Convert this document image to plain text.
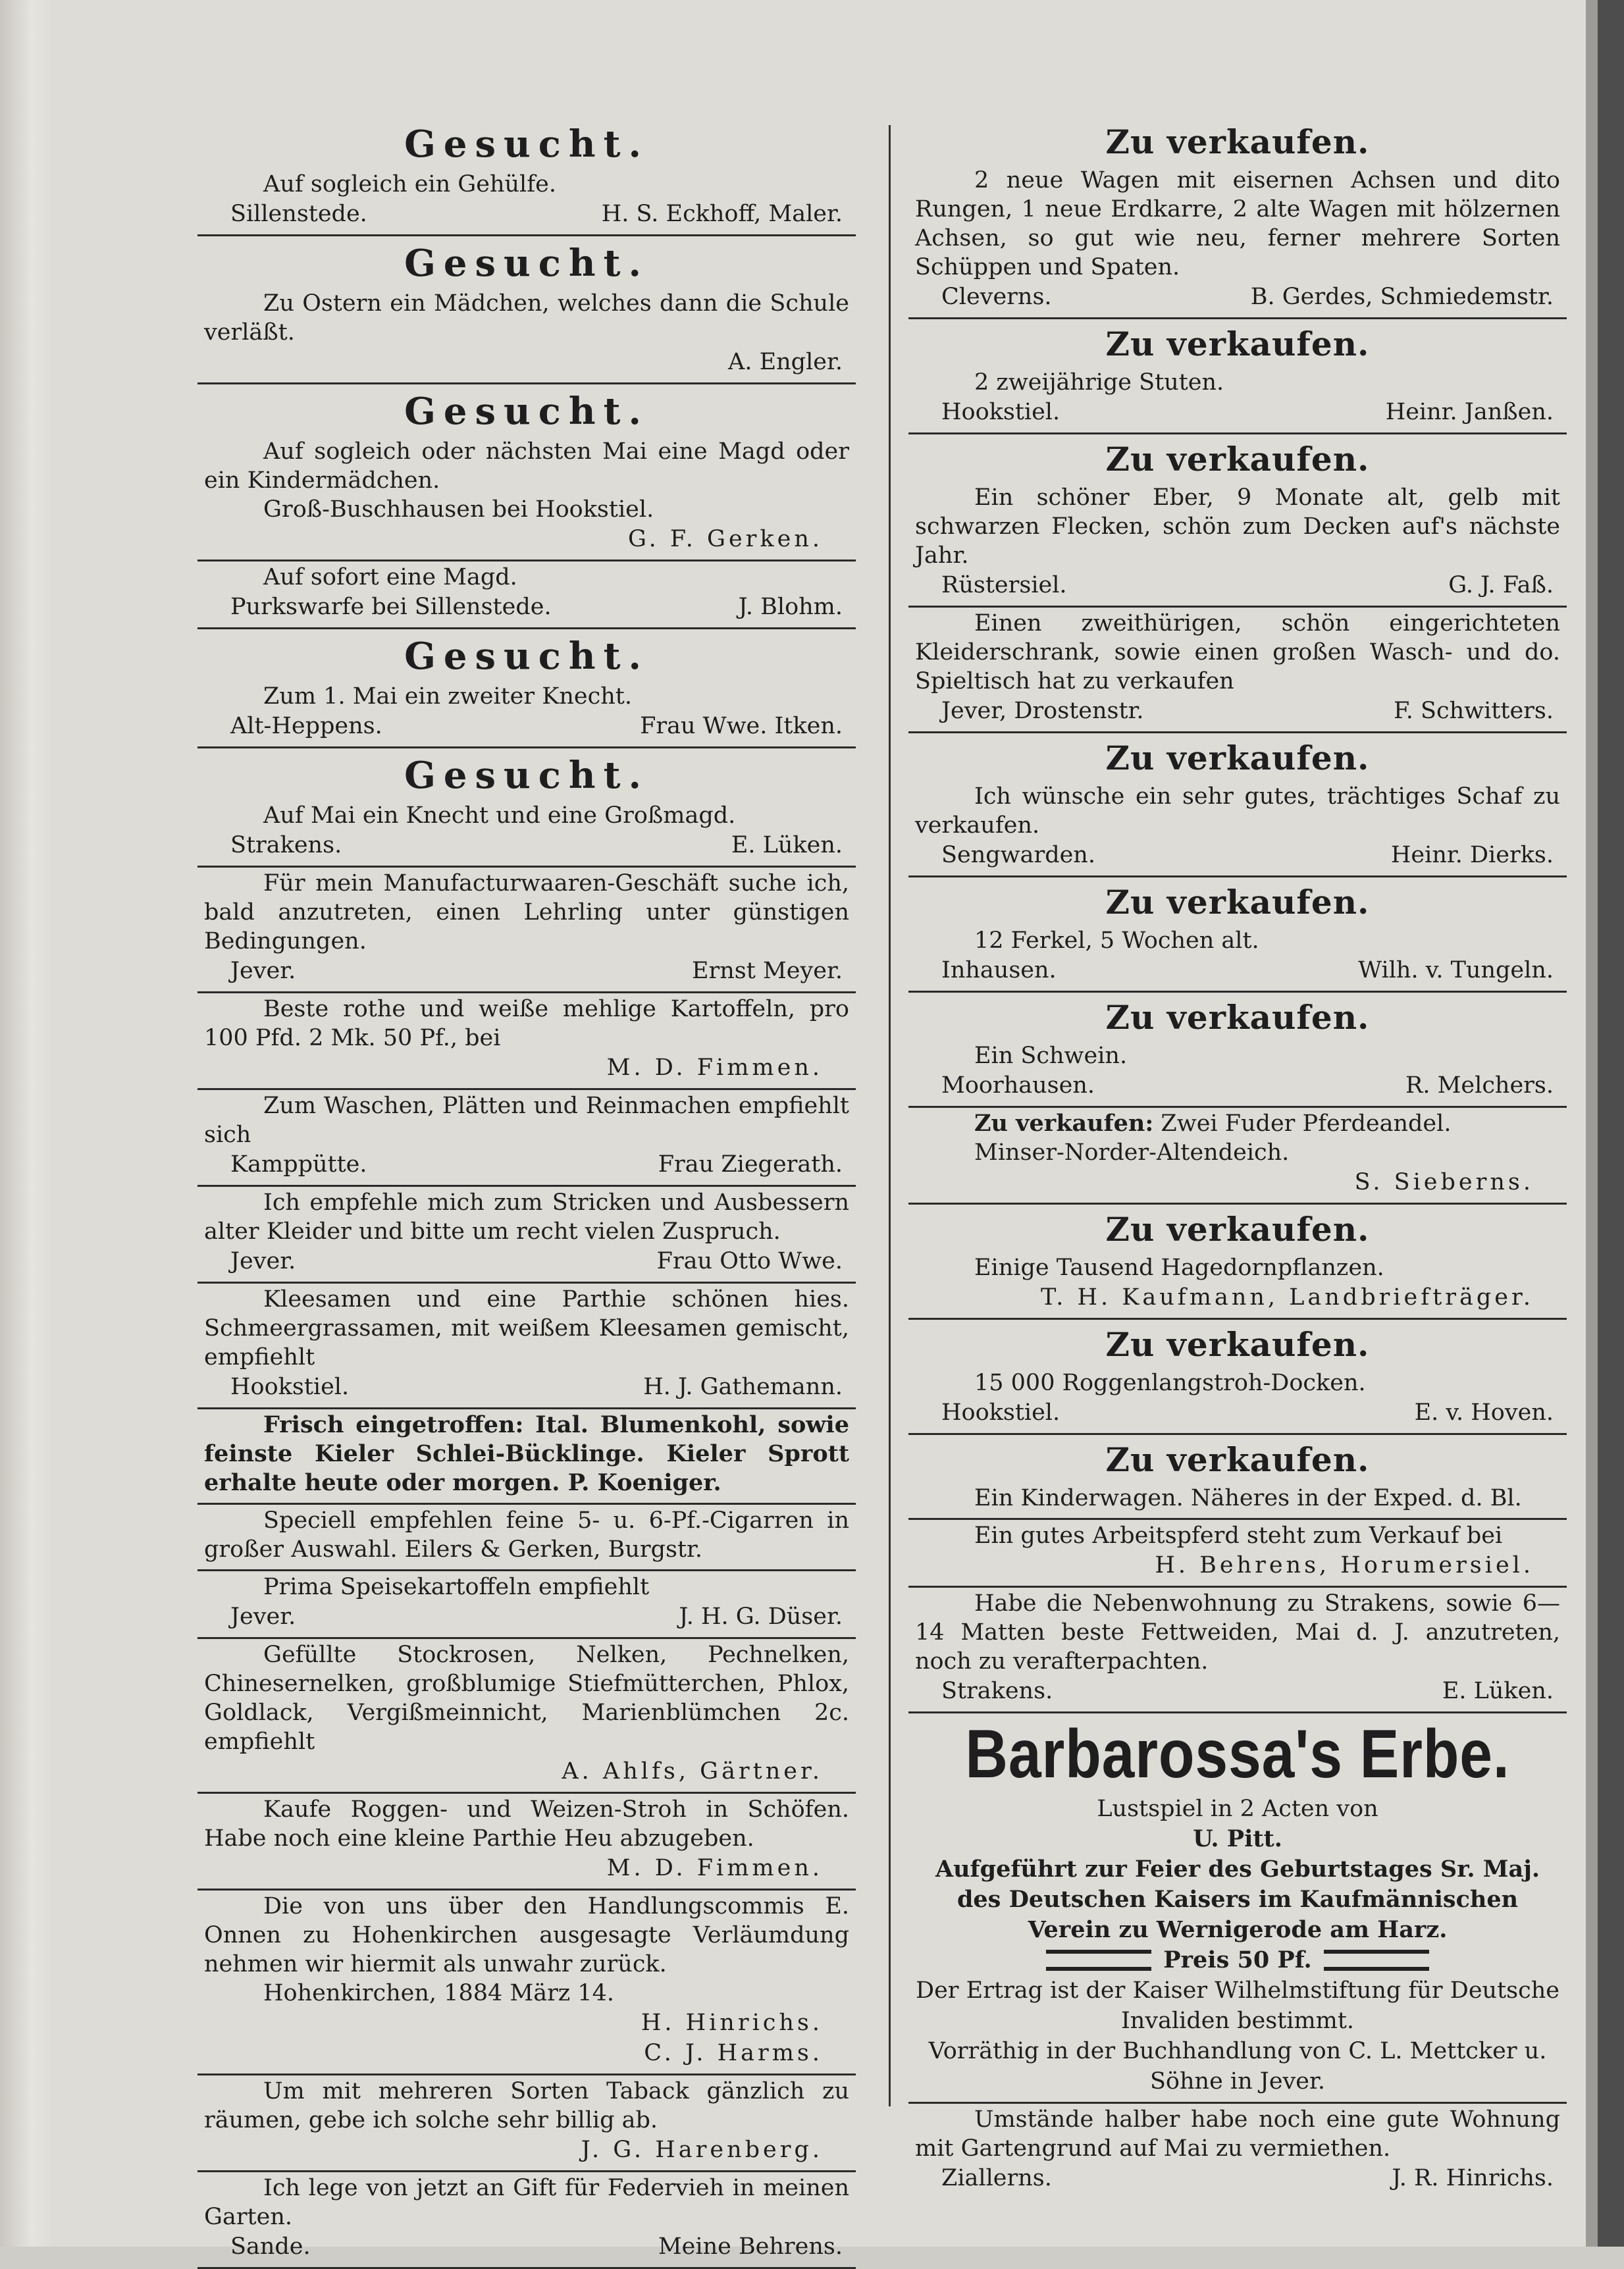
Gesucht.
Auf sogleich ein Gehülfe.
Sillenstede.	H. S. Eckhoff, Maler.
Gesucht.
Zu Ostern ein Mädchen, welches dann die Schule verläßt.
A. Engler.
Gesucht.
Auf sogleich oder nächsten Mai eine Magd oder ein Kindermädchen.
Groß-Buschhausen bei Hookstiel.
G. F. Gerken.
Auf sofort eine Magd.
Purkswarfe bei Sillenstede.	J. Blohm.
Gesucht.
Zum 1. Mai ein zweiter Knecht.
Alt-Heppens.	Frau Wwe. Itken.
Gesucht.
Auf Mai ein Knecht und eine Großmagd.
Strakens.	E. Lüken.
Für mein Manufacturwaaren-Geschäft suche ich, bald anzutreten, einen Lehrling unter günstigen Bedingungen.
Jever.	Ernst Meyer.
Beste rothe und weiße mehlige Kartoffeln, pro 100 Pfd. 2 Mk. 50 Pf., bei
M. D. Fimmen.
Zum Waschen, Plätten und Reinmachen empfiehlt sich
Kamppütte.	Frau Ziegerath.
Ich empfehle mich zum Stricken und Ausbessern alter Kleider und bitte um recht vielen Zuspruch.
Jever.	Frau Otto Wwe.
Kleesamen und eine Parthie schönen hies. Schmeergrassamen, mit weißem Kleesamen gemischt, empfiehlt
Hookstiel.	H. J. Gathemann.
Frisch eingetroffen: Ital. Blumenkohl, sowie feinste Kieler Schlei-Bücklinge. Kieler Sprott erhalte heute oder morgen. P. Koeniger.
Speciell empfehlen feine 5- u. 6-Pf.-Cigarren in großer Auswahl. Eilers & Gerken, Burgstr.
Prima Speisekartoffeln empfiehlt
Jever.	J. H. G. Düser.
Gefüllte Stockrosen, Nelken, Pechnelken, Chinesernelken, großblumige Stiefmütterchen, Phlox, Goldlack, Vergißmeinnicht, Marienblümchen 2c. empfiehlt
A. Ahlfs, Gärtner.
Kaufe Roggen- und Weizen-Stroh in Schöfen. Habe noch eine kleine Parthie Heu abzugeben.
M. D. Fimmen.
Die von uns über den Handlungscommis E. Onnen zu Hohenkirchen ausgesagte Verläumdung nehmen wir hiermit als unwahr zurück.
Hohenkirchen, 1884 März 14.
H. Hinrichs.
C. J. Harms.
Um mit mehreren Sorten Taback gänzlich zu räumen, gebe ich solche sehr billig ab.
J. G. Harenberg.
Ich lege von jetzt an Gift für Federvieh in meinen Garten.
Sande.	Meine Behrens.
Zu verkaufen.
2 neue Wagen mit eisernen Achsen und dito Rungen, 1 neue Erdkarre, 2 alte Wagen mit hölzernen Achsen, so gut wie neu, ferner mehrere Sorten Schüppen und Spaten.
Cleverns.	B. Gerdes, Schmiedemstr.
Zu verkaufen.
2 zweijährige Stuten.
Hookstiel.	Heinr. Janßen.
Zu verkaufen.
Ein schöner Eber, 9 Monate alt, gelb mit schwarzen Flecken, schön zum Decken auf's nächste Jahr.
Rüstersiel.	G. J. Faß.
Einen zweithürigen, schön eingerichteten Kleiderschrank, sowie einen großen Wasch- und do. Spieltisch hat zu verkaufen
Jever, Drostenstr.	F. Schwitters.
Zu verkaufen.
Ich wünsche ein sehr gutes, trächtiges Schaf zu verkaufen.
Sengwarden.	Heinr. Dierks.
Zu verkaufen.
12 Ferkel, 5 Wochen alt.
Inhausen.	Wilh. v. Tungeln.
Zu verkaufen.
Ein Schwein.
Moorhausen.	R. Melchers.
Zu verkaufen: Zwei Fuder Pferdeandel.
Minser-Norder-Altendeich.
S. Sieberns.
Zu verkaufen.
Einige Tausend Hagedornpflanzen.
T. H. Kaufmann, Landbriefträger.
Zu verkaufen.
15 000 Roggenlangstroh-Docken.
Hookstiel.	E. v. Hoven.
Zu verkaufen.
Ein Kinderwagen. Näheres in der Exped. d. Bl.
Ein gutes Arbeitspferd steht zum Verkauf bei
H. Behrens, Horumersiel.
Habe die Nebenwohnung zu Strakens, sowie 6—14 Matten beste Fettweiden, Mai d. J. anzutreten, noch zu verafterpachten.
Strakens.	E. Lüken.
Barbarossa's Erbe.
Lustspiel in 2 Acten von
U. Pitt.
Aufgeführt zur Feier des Geburtstages Sr. Maj. des Deutschen Kaisers im Kaufmännischen Verein zu Wernigerode am Harz.
Preis 50 Pf.
Der Ertrag ist der Kaiser Wilhelmstiftung für Deutsche Invaliden bestimmt.
Vorräthig in der Buchhandlung von C. L. Mettcker u. Söhne in Jever.
Umstände halber habe noch eine gute Wohnung mit Gartengrund auf Mai zu vermiethen.
Ziallerns.	J. R. Hinrichs.
